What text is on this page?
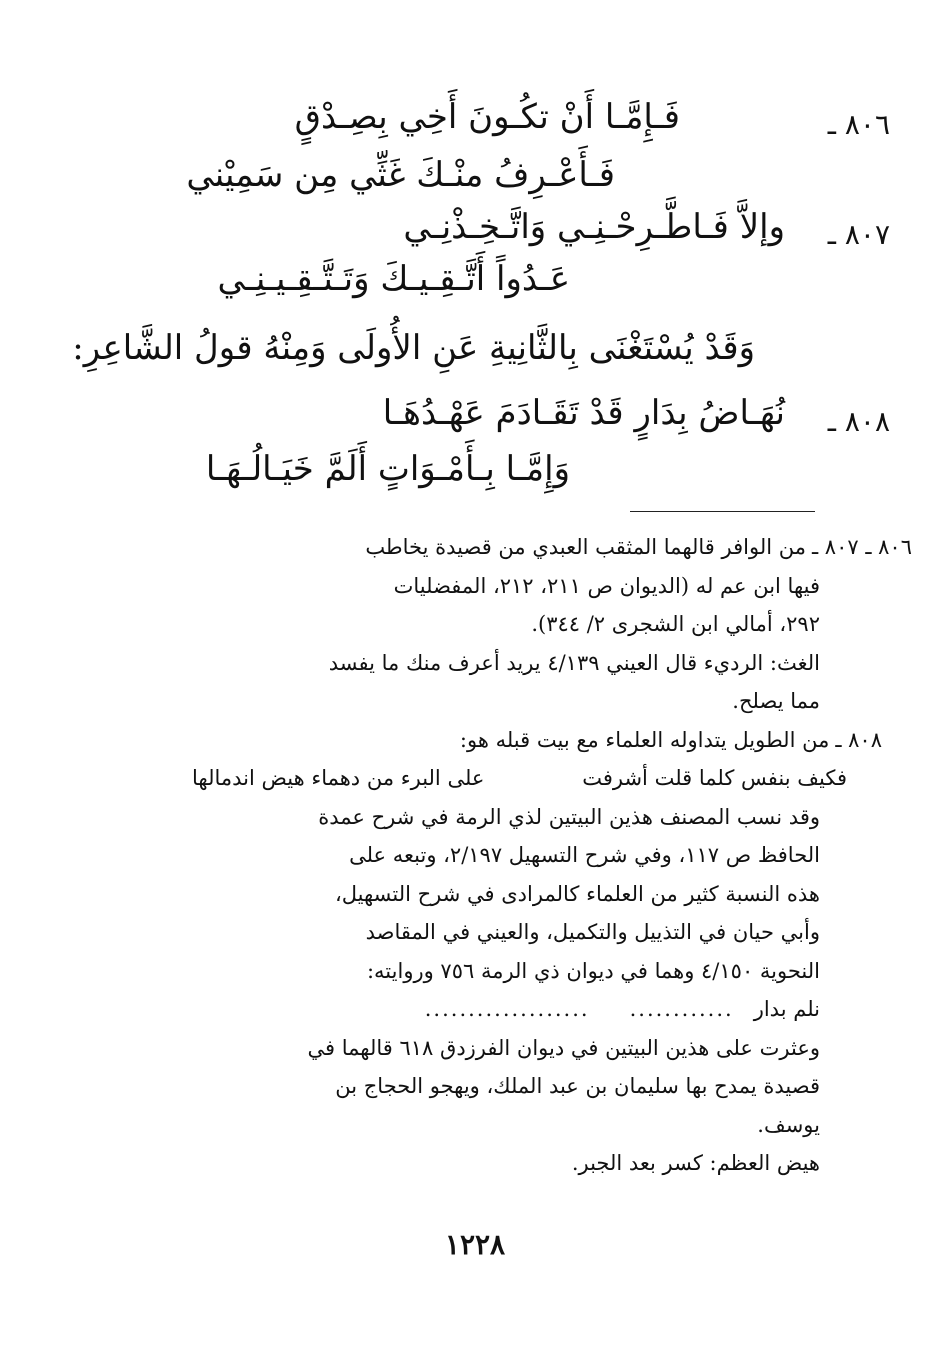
٨٠٦ ـ
فَـإِمَّـا أَنْ تكُـونَ أَخِي بِصِـدْقٍ
فَـأَعْـرِفُ منْـكَ غَثِّي مِن سَمِيْني
٨٠٧ ـ
وإلاَّ فَـاطَّـرِحْـنِـي وَاتَّـخِـذْنِـي
عَـدُواً أَتَّـقِـيـكَ وَتَـتَّـقِـيـنِـي
وَقَدْ يُسْتَغْنَى بِالثَّانِيةِ عَنِ الأُولَى وَمِنْهُ قولُ الشَّاعِرِ:
٨٠٨ ـ
نُهَـاضُ بِدَارٍ قَدْ تَقَـادَمَ عَهْـدُهَـا
وَإِمَّـا بِـأَمْـوَاتٍ أَلَمَّ خَيَـالُـهَـا
٨٠٦ ـ ٨٠٧ ـ
من الوافر قالهما المثقب العبدي من قصيدة يخاطب
فيها ابن عم له (الديوان ص ٢١١، ٢١٢، المفضليات
٢٩٢، أمالي ابن الشجرى ٢/ ٣٤٤).
الغث: الرديء قال العيني ٤/١٣٩ يريد أعرف منك ما يفسد
مما يصلح.
٨٠٨ ـ
من الطويل يتداوله العلماء مع بيت قبله هو:
فكيف بنفس كلما قلت أشرفت
على البرء من دهماء هيض اندمالها
وقد نسب المصنف هذين البيتين لذي الرمة في شرح عمدة
الحافظ ص ١١٧، وفي شرح التسهيل ٢/١٩٧، وتبعه على
هذه النسبة كثير من العلماء كالمرادى في شرح التسهيل،
وأبي حيان في التذييل والتكميل، والعيني في المقاصد
النحوية ٤/١٥٠ وهما في ديوان ذي الرمة ٧٥٦ وروايته:
نلم بدار
............
...................
وعثرت على هذين البيتين في ديوان الفرزدق ٦١٨ قالهما في
قصيدة يمدح بها سليمان بن عبد الملك، ويهجو الحجاج بن
يوسف.
هيض العظم: كسر بعد الجبر.
١٢٢٨
